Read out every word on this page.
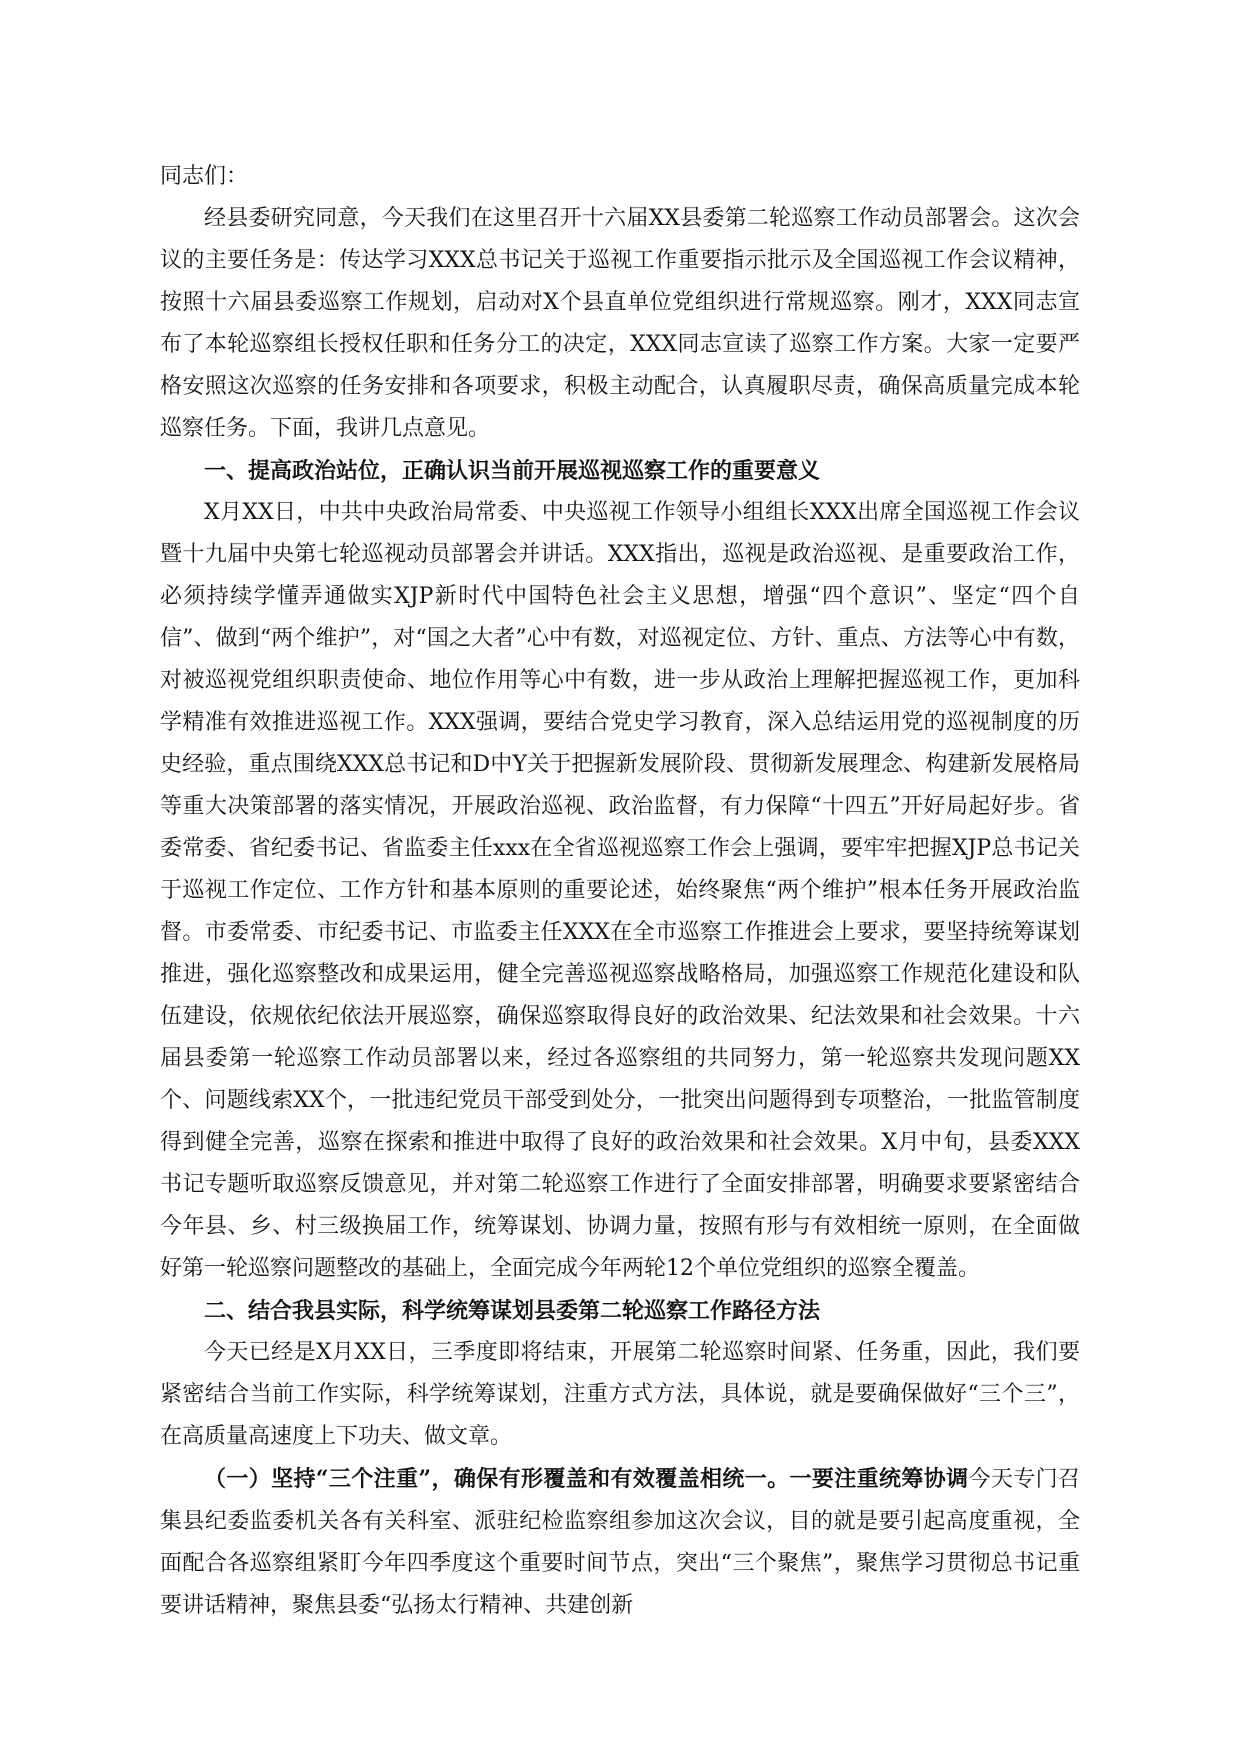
同志们：

经县委研究同意，今天我们在这里召开十六届XX县委第二轮巡察工作动员部署会。这次会议的主要任务是：传达学习XXX总书记关于巡视工作重要指示批示及全国巡视工作会议精神，按照十六届县委巡察工作规划，启动对X个县直单位党组织进行常规巡察。刚才，XXX同志宣布了本轮巡察组长授权任职和任务分工的决定，XXX同志宣读了巡察工作方案。大家一定要严格安照这次巡察的任务安排和各项要求，积极主动配合，认真履职尽责，确保高质量完成本轮巡察任务。下面，我讲几点意见。

一、提高政治站位，正确认识当前开展巡视巡察工作的重要意义

X月XX日，中共中央政治局常委、中央巡视工作领导小组组长XXX出席全国巡视工作会议暨十九届中央第七轮巡视动员部署会并讲话。XXX指出，巡视是政治巡视、是重要政治工作，必须持续学懂弄通做实XJP新时代中国特色社会主义思想，增强“四个意识”、坚定“四个自信”、做到“两个维护”，对“国之大者”心中有数，对巡视定位、方针、重点、方法等心中有数，对被巡视党组织职责使命、地位作用等心中有数，进一步从政治上理解把握巡视工作，更加科学精准有效推进巡视工作。XXX强调，要结合党史学习教育，深入总结运用党的巡视制度的历史经验，重点围绕XXX总书记和D中Y关于把握新发展阶段、贯彻新发展理念、构建新发展格局等重大决策部署的落实情况，开展政治巡视、政治监督，有力保障“十四五”开好局起好步。省委常委、省纪委书记、省监委主任xxx在全省巡视巡察工作会上强调，要牢牢把握XJP总书记关于巡视工作定位、工作方针和基本原则的重要论述，始终聚焦“两个维护”根本任务开展政治监督。市委常委、市纪委书记、市监委主任XXX在全市巡察工作推进会上要求，要坚持统筹谋划推进，强化巡察整改和成果运用，健全完善巡视巡察战略格局，加强巡察工作规范化建设和队伍建设，依规依纪依法开展巡察，确保巡察取得良好的政治效果、纪法效果和社会效果。十六届县委第一轮巡察工作动员部署以来，经过各巡察组的共同努力，第一轮巡察共发现问题XX个、问题线索XX个，一批违纪党员干部受到处分，一批突出问题得到专项整治，一批监管制度得到健全完善，巡察在探索和推进中取得了良好的政治效果和社会效果。X月中旬，县委XXX书记专题听取巡察反馈意见，并对第二轮巡察工作进行了全面安排部署，明确要求要紧密结合今年县、乡、村三级换届工作，统筹谋划、协调力量，按照有形与有效相统一原则，在全面做好第一轮巡察问题整改的基础上，全面完成今年两轮12个单位党组织的巡察全覆盖。

二、结合我县实际，科学统筹谋划县委第二轮巡察工作路径方法

今天已经是X月XX日，三季度即将结束，开展第二轮巡察时间紧、任务重，因此，我们要紧密结合当前工作实际，科学统筹谋划，注重方式方法，具体说，就是要确保做好“三个三”，在高质量高速度上下功夫、做文章。

（一）坚持“三个注重”，确保有形覆盖和有效覆盖相统一。一要注重统筹协调今天专门召集县纪委监委机关各有关科室、派驻纪检监察组参加这次会议，目的就是要引起高度重视，全面配合各巡察组紧盯今年四季度这个重要时间节点，突出“三个聚焦”，聚焦学习贯彻总书记重要讲话精神，聚焦县委“弘扬太行精神、共建创新
